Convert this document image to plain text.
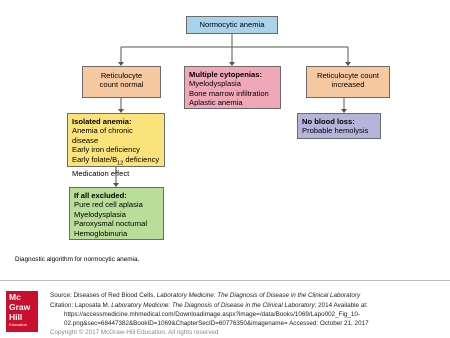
Normocytic anemia
Reticulocyte
count normal
Multiple cytopenias:
Myelodysplasia
Bone marrow infiltration
Aplastic anemia
Reticulocyte count
increased
Isolated anemia:
Anemia of chronic disease
Early iron deficiency
Early folate/$B_{12}$ deficiency
Medication effect
No blood loss:
Probable hemolysis
If all excluded:
Pure red cell aplasia
Myelodysplasia
Paroxysmal nocturnal
Hemoglobinuria
Diagnostic algorithm for normocytic anemia.
Mc
Graw
Hill
Education
Source: Diseases of Red Blood Cells, Laboratory Medicine: The Diagnosis of Disease in the Clinical Laboratory
Citation: Laposata M. Laboratory Medicine: The Diagnosis of Disease in the Clinical Laboratory; 2014 Available at:
https://accessmedicine.mhmedical.com/Downloadimage.aspx?image=/data/Books/1069/Lapo002_Fig_10-
02.png&sec=68447382&BookID=1069&ChapterSecID=60776350&imagename= Accessed: October 21, 2017
Copyright © 2017 McGraw-Hill Education. All rights reserved
